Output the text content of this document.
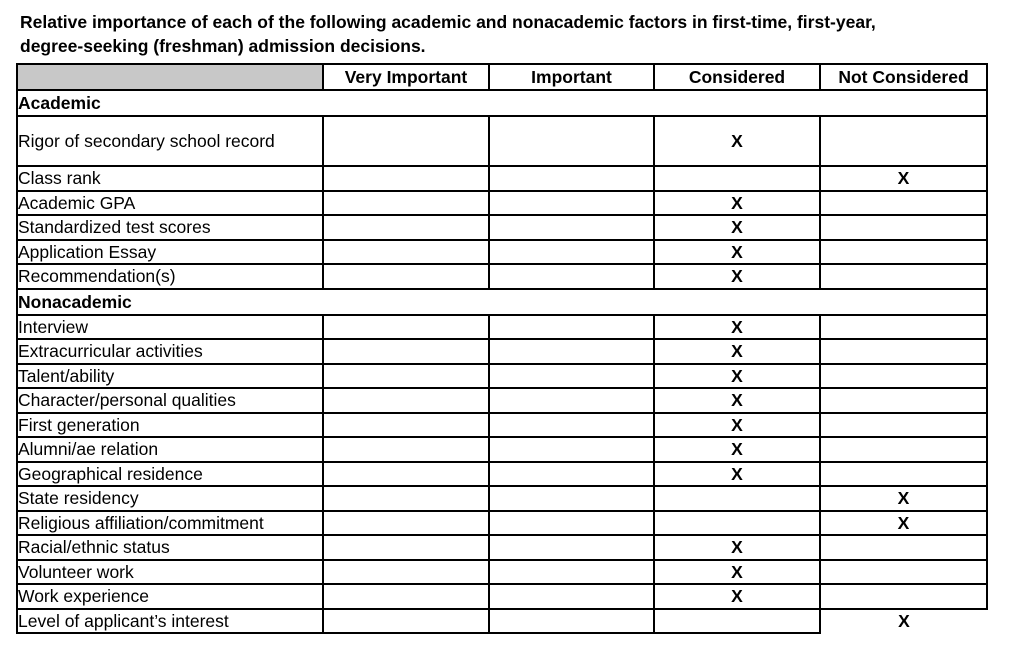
Relative importance of each of the following academic and nonacademic factors in first-time, first-year,
degree-seeking (freshman) admission decisions.
	Very Important	Important	Considered	Not Considered
Academic				
Rigor of secondary school record			X	
Class rank				X
Academic GPA			X	
Standardized test scores			X	
Application Essay			X	
Recommendation(s)			X	
Nonacademic				
Interview			X	
Extracurricular activities			X	
Talent/ability			X	
Character/personal qualities			X	
First generation			X	
Alumni/ae relation			X	
Geographical residence			X	
State residency				X
Religious affiliation/commitment				X
Racial/ethnic status			X	
Volunteer work			X	
Work experience			X	
Level of applicant’s interest				X
